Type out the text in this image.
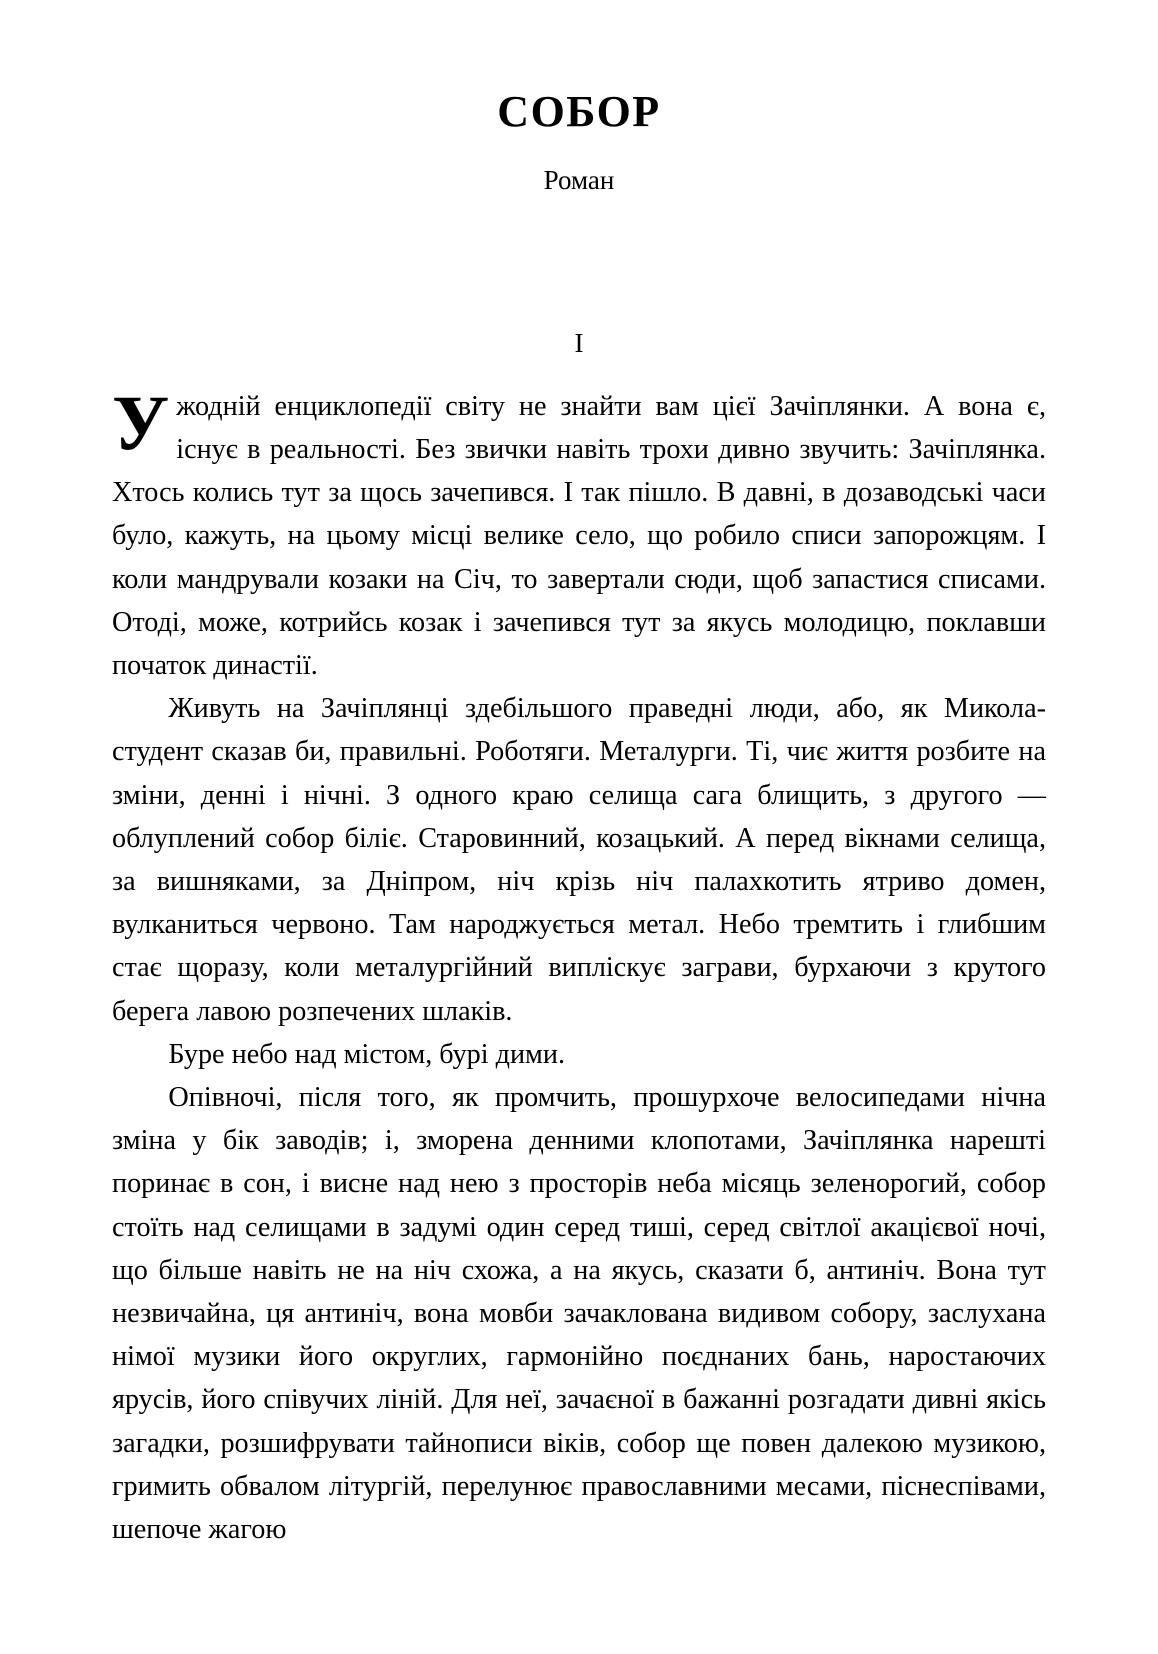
СОБОР
Роман
I

Ужодній енциклопедії світу не знайти вам цієї Зачіплянки. А вона є, існує в реальності. Без звички навіть трохи дивно звучить: Зачіплянка. Хтось колись тут за щось зачепився. І так пішло. В давні, в дозаводські часи було, кажуть, на цьому місці велике село, що робило списи запорожцям. І коли мандрували козаки на Січ, то завертали сюди, щоб запастися списами. Отоді, може, котрийсь козак і зачепився тут за якусь молодицю, поклавши початок династії.

Живуть на Зачіплянці здебільшого праведні люди, або, як Микола-студент сказав би, правильні. Роботяги. Металурги. Ті, чиє життя розбите на зміни, денні і нічні. З одного краю селища сага блищить, з другого — облуплений собор біліє. Старовинний, козацький. А перед вікнами селища, за вишняками, за Дніпром, ніч крізь ніч палахкотить ятриво домен, вулканиться червоно. Там народжується метал. Небо тремтить і глибшим стає щоразу, коли металургійний випліскує заграви, бурхаючи з крутого берега лавою розпечених шлаків.

Буре небо над містом, бурі дими.

Опівночі, після того, як промчить, прошурхоче велосипедами нічна зміна у бік заводів; і, зморена денними клопотами, Зачіплянка нарешті поринає в сон, і висне над нею з просторів неба місяць зеленорогий, собор стоїть над селищами в задумі один серед тиші, серед світлої акацієвої ночі, що більше навіть не на ніч схожа, а на якусь, сказати б, антиніч. Вона тут незвичайна, ця антиніч, вона мовби зачаклована видивом собору, заслухана німої музики його округлих, гармонійно поєднаних бань, наростаючих ярусів, його співучих ліній. Для неї, зачаєної в бажанні розгадати дивні якісь загадки, розшифрувати тайнописи віків, собор ще повен далекою музикою, гримить обвалом літургій, перелунює православними месами, піснеспівами, шепоче жагою
